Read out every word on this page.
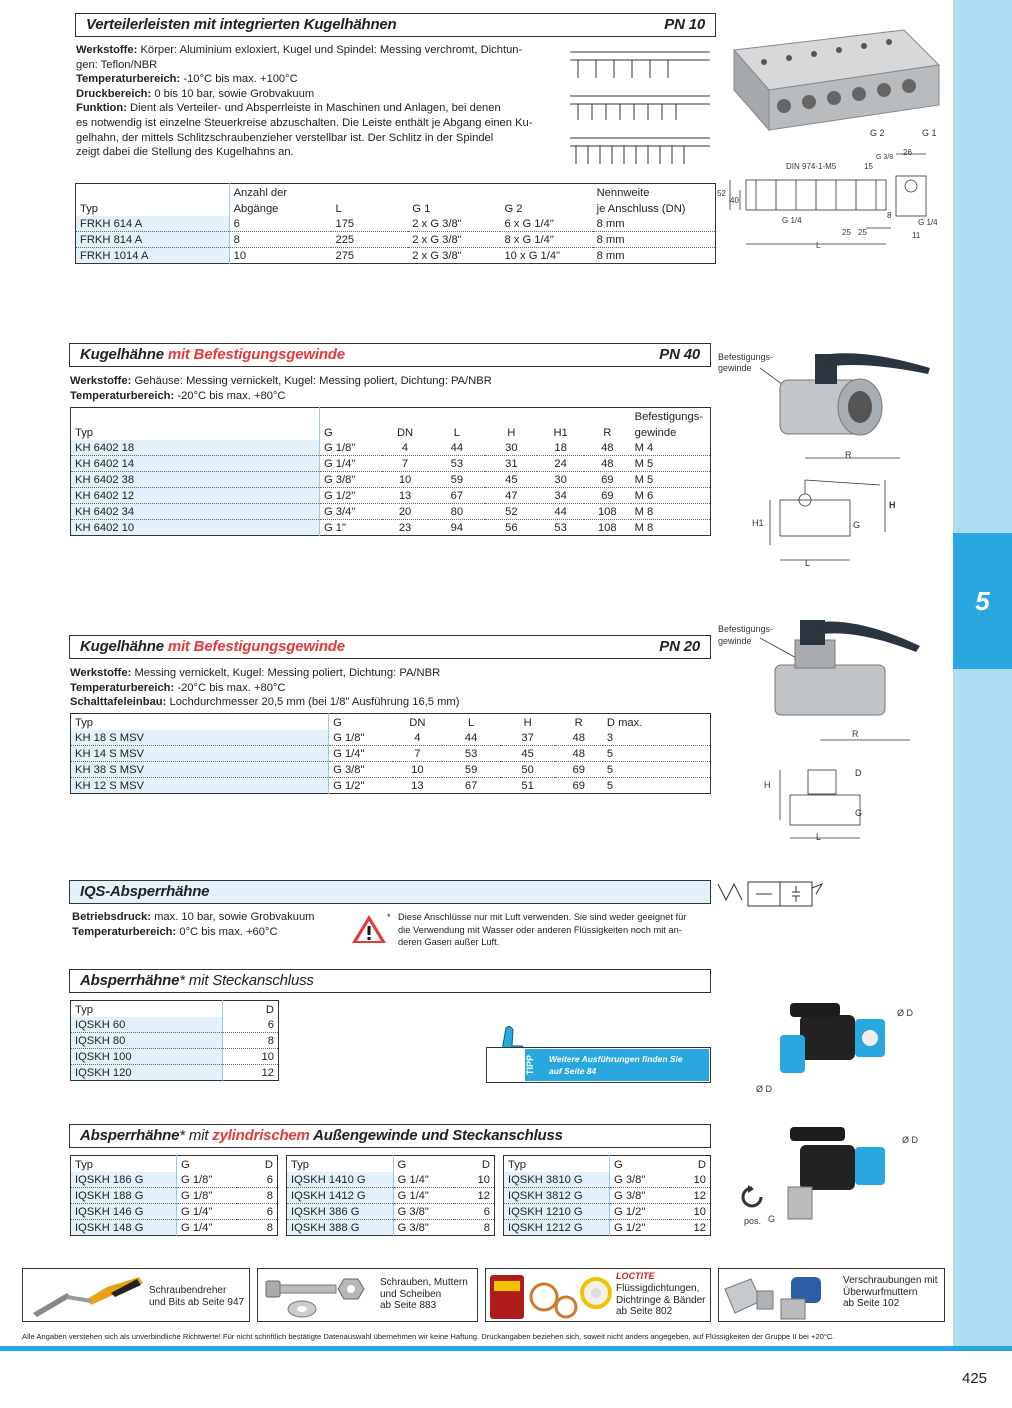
5
Verteilerleisten mit integrierten Kugelhähnen	PN 10
Werkstoffe: Körper: Aluminium exloxiert, Kugel und Spindel: Messing verchromt, Dichtun-
gen: Teflon/NBR
Temperaturbereich: -10°C bis max. +100°C
Druckbereich: 0 bis 10 bar, sowie Grobvakuum
Funktion: Dient als Verteiler- und Absperrleiste in Maschinen und Anlagen, bei denen
es notwendig ist einzelne Steuerkreise abzuschalten. Die Leiste enthält je Abgang einen Ku-
gelhahn, der mittels Schlitzschraubenzieher verstellbar ist. Der Schlitz in der Spindel
zeigt dabei die Stellung des Kugelhahns an.
G 2	G 1
DIN 974-1-M5
52
40
26
15
G 3/8
G 1/4	G 1/4
25 25
8
11
L
	Anzahl der				Nennweite
Typ	Abgänge	L	G 1	G 2	je Anschluss (DN)
FRKH 614 A	6	175	2 x G 3/8"	6 x G 1/4"	8 mm
FRKH 814 A	8	225	2 x G 3/8"	8 x G 1/4"	8 mm
FRKH 1014 A	10	275	2 x G 3/8"	10 x G 1/4"	8 mm
Kugelhähne mit Befestigungsgewinde	PN 40
Werkstoffe: Gehäuse: Messing vernickelt, Kugel: Messing poliert, Dichtung: PA/NBR
Temperaturbereich: -20°C bis max. +80°C
							Befestigungs-
Typ	G	DN	L	H	H1	R	gewinde
KH 6402 18	G 1/8"	4	44	30	18	48	M 4
KH 6402 14	G 1/4"	7	53	31	24	48	M 5
KH 6402 38	G 3/8"	10	59	45	30	69	M 5
KH 6402 12	G 1/2"	13	67	47	34	69	M 6
KH 6402 34	G 3/4"	20	80	52	44	108	M 8
KH 6402 10	G 1"	23	94	56	53	108	M 8
Befestigungs-
gewinde
R
H
H1	G
L
Kugelhähne mit Befestigungsgewinde	PN 20
Werkstoffe: Messing vernickelt, Kugel: Messing poliert, Dichtung: PA/NBR
Temperaturbereich: -20°C bis max. +80°C
Schalttafeleinbau: Lochdurchmesser 20,5 mm (bei 1/8" Ausführung 16,5 mm)
Typ	G	DN	L	H	R	D max.
KH 18 S MSV	G 1/8"	4	44	37	48	3
KH 14 S MSV	G 1/4"	7	53	45	48	5
KH 38 S MSV	G 3/8"	10	59	50	69	5
KH 12 S MSV	G 1/2"	13	67	51	69	5
Befestigungs-
gewinde
R
H
D
G
L
IQS-Absperrhähne
Betriebsdruck: max. 10 bar, sowie Grobvakuum
Temperaturbereich: 0°C bis max. +60°C
* Diese Anschlüsse nur mit Luft verwenden. Sie sind weder geeignet für
die Verwendung mit Wasser oder anderen Flüssigkeiten noch mit an-
deren Gasen außer Luft.
Absperrhähne* mit Steckanschluss
Typ	D
IQSKH 60	6
IQSKH 80	8
IQSKH 100	10
IQSKH 120	12	TIPP	Weitere Ausführungen finden Sie
auf Seite 84
Ø D
Ø D
Absperrhähne* mit zylindrischem Außengewinde und Steckanschluss
Typ	G	D
IQSKH 186 G	G 1/8"	6
IQSKH 188 G	G 1/8"	8
IQSKH 146 G	G 1/4"	6
IQSKH 148 G	G 1/4"	8
Typ	G	D
IQSKH 1410 G	G 1/4"	10
IQSKH 1412 G	G 1/4"	12
IQSKH 386 G	G 3/8"	6
IQSKH 388 G	G 3/8"	8
Typ	G	D
IQSKH 3810 G	G 3/8"	10
IQSKH 3812 G	G 3/8"	12
IQSKH 1210 G	G 1/2"	10
IQSKH 1212 G	G 1/2"	12
Ø D
pos. G
Schraubendreher
und Bits ab Seite 947
Schrauben, Muttern
und Scheiben
ab Seite 883
LOCTITE
Flüssigdichtungen,
Dichtringe & Bänder
ab Seite 802
Verschraubungen mit
Überwurfmuttern
ab Seite 102
Alle Angaben verstehen sich als unverbindliche Richtwerte! Für nicht schriftlich bestätigte Datenauswahl übernehmen wir keine Haftung. Druckangaben beziehen sich, soweit nicht anders angegeben, auf Flüssigkeiten der Gruppe II bei +20°C.
425
